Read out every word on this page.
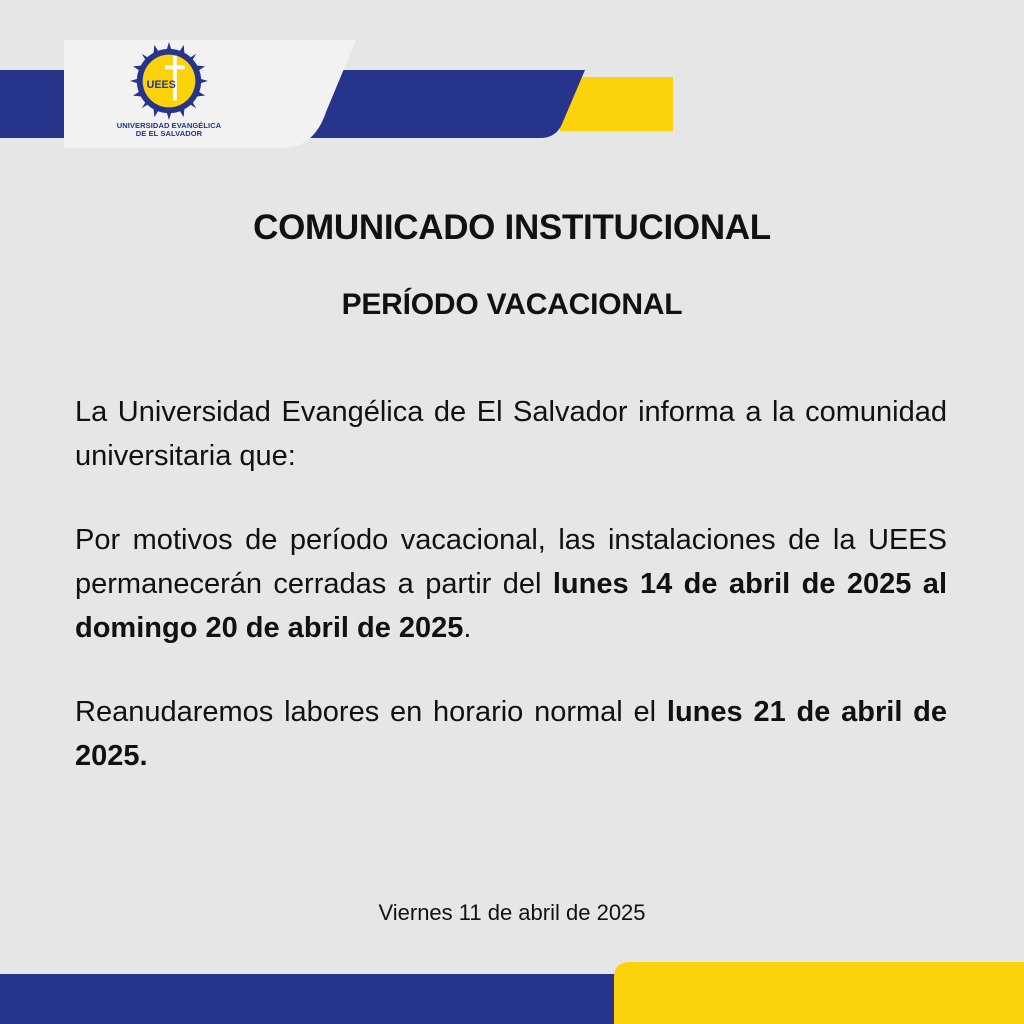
UEES
UNIVERSIDAD EVANGÉLICA
DE EL SALVADOR
COMUNICADO INSTITUCIONAL
PERÍODO VACACIONAL

La Universidad Evangélica de El Salvador informa a la comunidad universitaria que:

Por motivos de período vacacional, las instalaciones de la UEES permanecerán cerradas a partir del lunes 14 de abril de 2025 al domingo 20 de abril de 2025.

Reanudaremos labores en horario normal el lunes 21 de abril de 2025.

Viernes 11 de abril de 2025
